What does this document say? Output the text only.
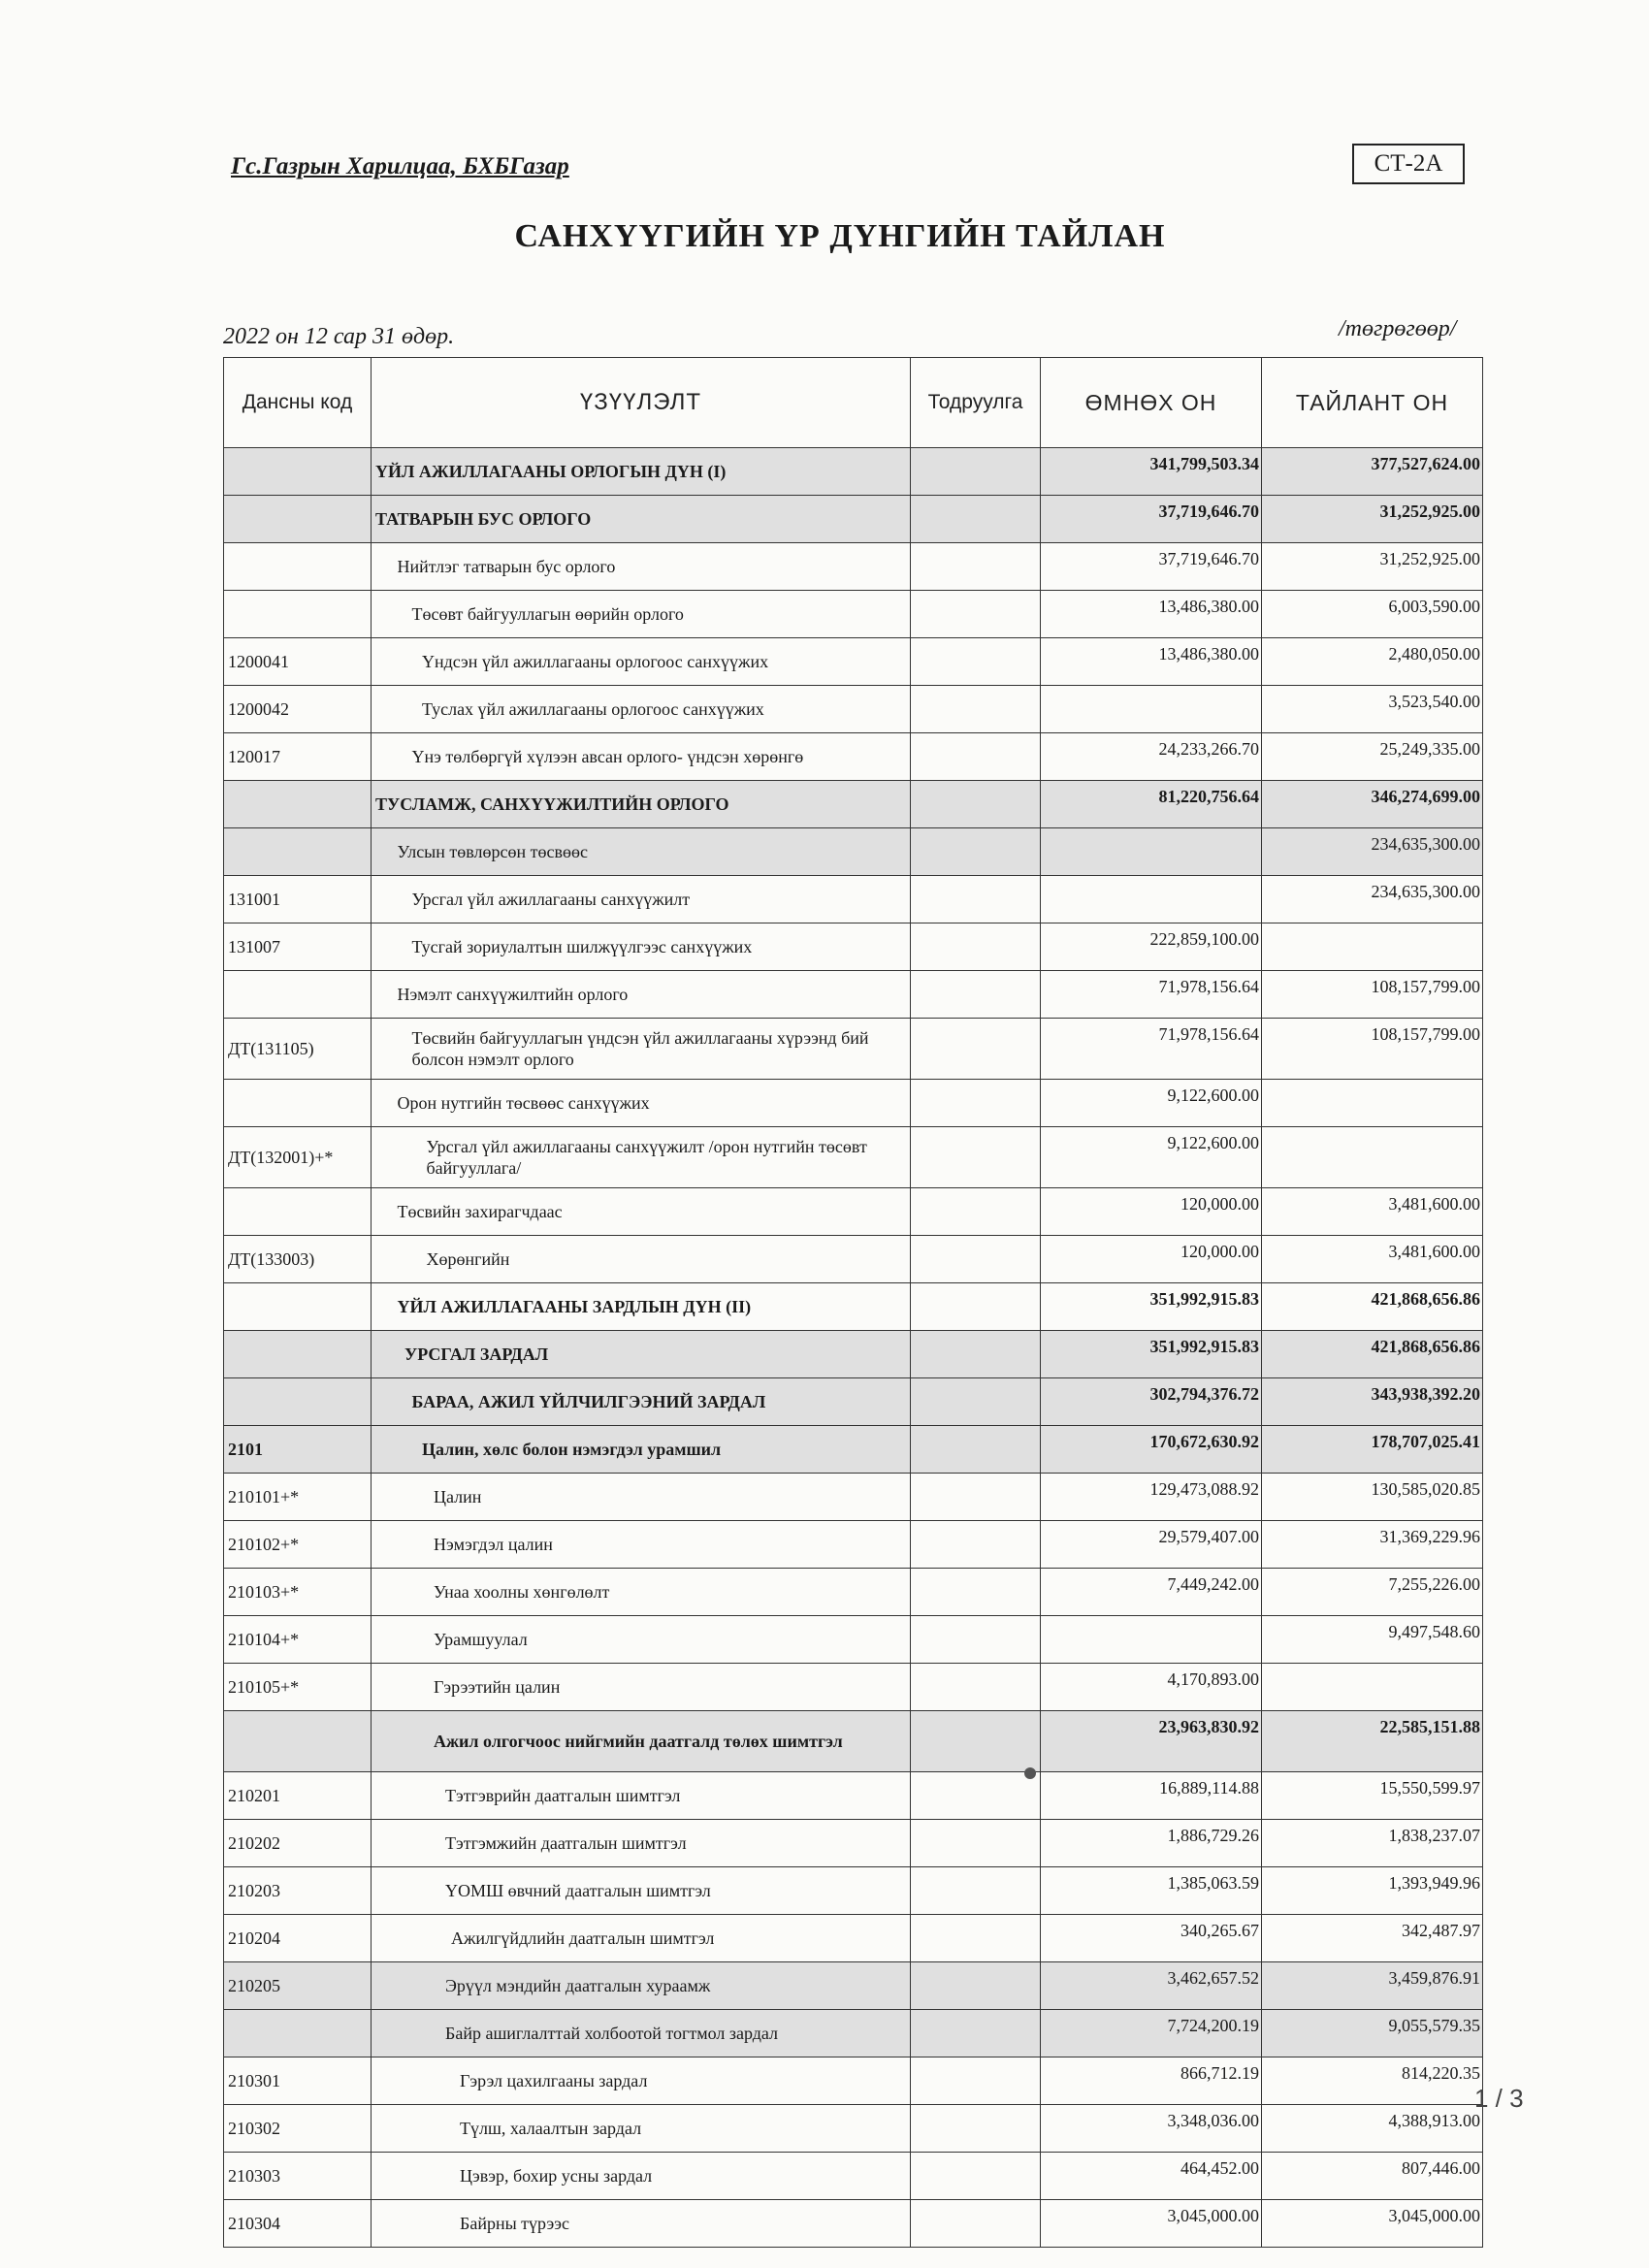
Гс.Газрын Харилцаа, БХБГазар	СТ-2А
САНХҮҮГИЙН ҮР ДҮНГИЙН ТАЙЛАН
2022 он 12 сар 31 өдөр.	/төгрөгөөр/
Дансны код	ҮЗҮҮЛЭЛТ	Тодруулга	ӨМНӨХ ОН	ТАЙЛАНТ ОН
	ҮЙЛ АЖИЛЛАГААНЫ ОРЛОГЫН ДҮН (I)		341,799,503.34	377,527,624.00
	ТАТВАРЫН БУС ОРЛОГО		37,719,646.70	31,252,925.00
	Нийтлэг татварын бус орлого		37,719,646.70	31,252,925.00
	Төсөвт байгууллагын өөрийн орлого		13,486,380.00	6,003,590.00
1200041	Үндсэн үйл ажиллагааны орлогоос санхүүжих		13,486,380.00	2,480,050.00
1200042	Туслах үйл ажиллагааны орлогоос санхүүжих			3,523,540.00
120017	Үнэ төлбөргүй хүлээн авсан орлого- үндсэн хөрөнгө		24,233,266.70	25,249,335.00
	ТУСЛАМЖ, САНХҮҮЖИЛТИЙН ОРЛОГО		81,220,756.64	346,274,699.00
	Улсын төвлөрсөн төсвөөс			234,635,300.00
131001	Урсгал үйл ажиллагааны санхүүжилт			234,635,300.00
131007	Тусгай зориулалтын шилжүүлгээс санхүүжих		222,859,100.00	
	Нэмэлт санхүүжилтийн орлого		71,978,156.64	108,157,799.00
ДТ(131105)	Төсвийн байгууллагын үндсэн үйл ажиллагааны хүрээнд бий болсон нэмэлт орлого		71,978,156.64	108,157,799.00
	Орон нутгийн төсвөөс санхүүжих		9,122,600.00	
ДТ(132001)+*	Урсгал үйл ажиллагааны санхүүжилт /орон нутгийн төсөвт байгууллага/		9,122,600.00	
	Төсвийн захирагчдаас		120,000.00	3,481,600.00
ДТ(133003)	Хөрөнгийн		120,000.00	3,481,600.00
	ҮЙЛ АЖИЛЛАГААНЫ ЗАРДЛЫН ДҮН (II)		351,992,915.83	421,868,656.86
	УРСГАЛ ЗАРДАЛ		351,992,915.83	421,868,656.86
	БАРАА, АЖИЛ ҮЙЛЧИЛГЭЭНИЙ ЗАРДАЛ		302,794,376.72	343,938,392.20
2101	Цалин, хөлс болон нэмэгдэл урамшил		170,672,630.92	178,707,025.41
210101+*	Цалин		129,473,088.92	130,585,020.85
210102+*	Нэмэгдэл цалин		29,579,407.00	31,369,229.96
210103+*	Унаа хоолны хөнгөлөлт		7,449,242.00	7,255,226.00
210104+*	Урамшуулал			9,497,548.60
210105+*	Гэрээтийн цалин		4,170,893.00	
	Ажил олгогчоос нийгмийн даатгалд төлөх шимтгэл		23,963,830.92	22,585,151.88
210201	Тэтгэврийн даатгалын шимтгэл		16,889,114.88	15,550,599.97
210202	Тэтгэмжийн даатгалын шимтгэл		1,886,729.26	1,838,237.07
210203	ҮОМШ өвчний даатгалын шимтгэл		1,385,063.59	1,393,949.96
210204	Ажилгүйдлийн даатгалын шимтгэл		340,265.67	342,487.97
210205	Эрүүл мэндийн даатгалын хураамж		3,462,657.52	3,459,876.91
	Байр ашиглалттай холбоотой тогтмол зардал		7,724,200.19	9,055,579.35
210301	Гэрэл цахилгааны зардал		866,712.19	814,220.35
210302	Түлш, халаалтын зардал		3,348,036.00	4,388,913.00
210303	Цэвэр, бохир усны зардал		464,452.00	807,446.00
210304	Байрны түрээс		3,045,000.00	3,045,000.00
1 / 3
